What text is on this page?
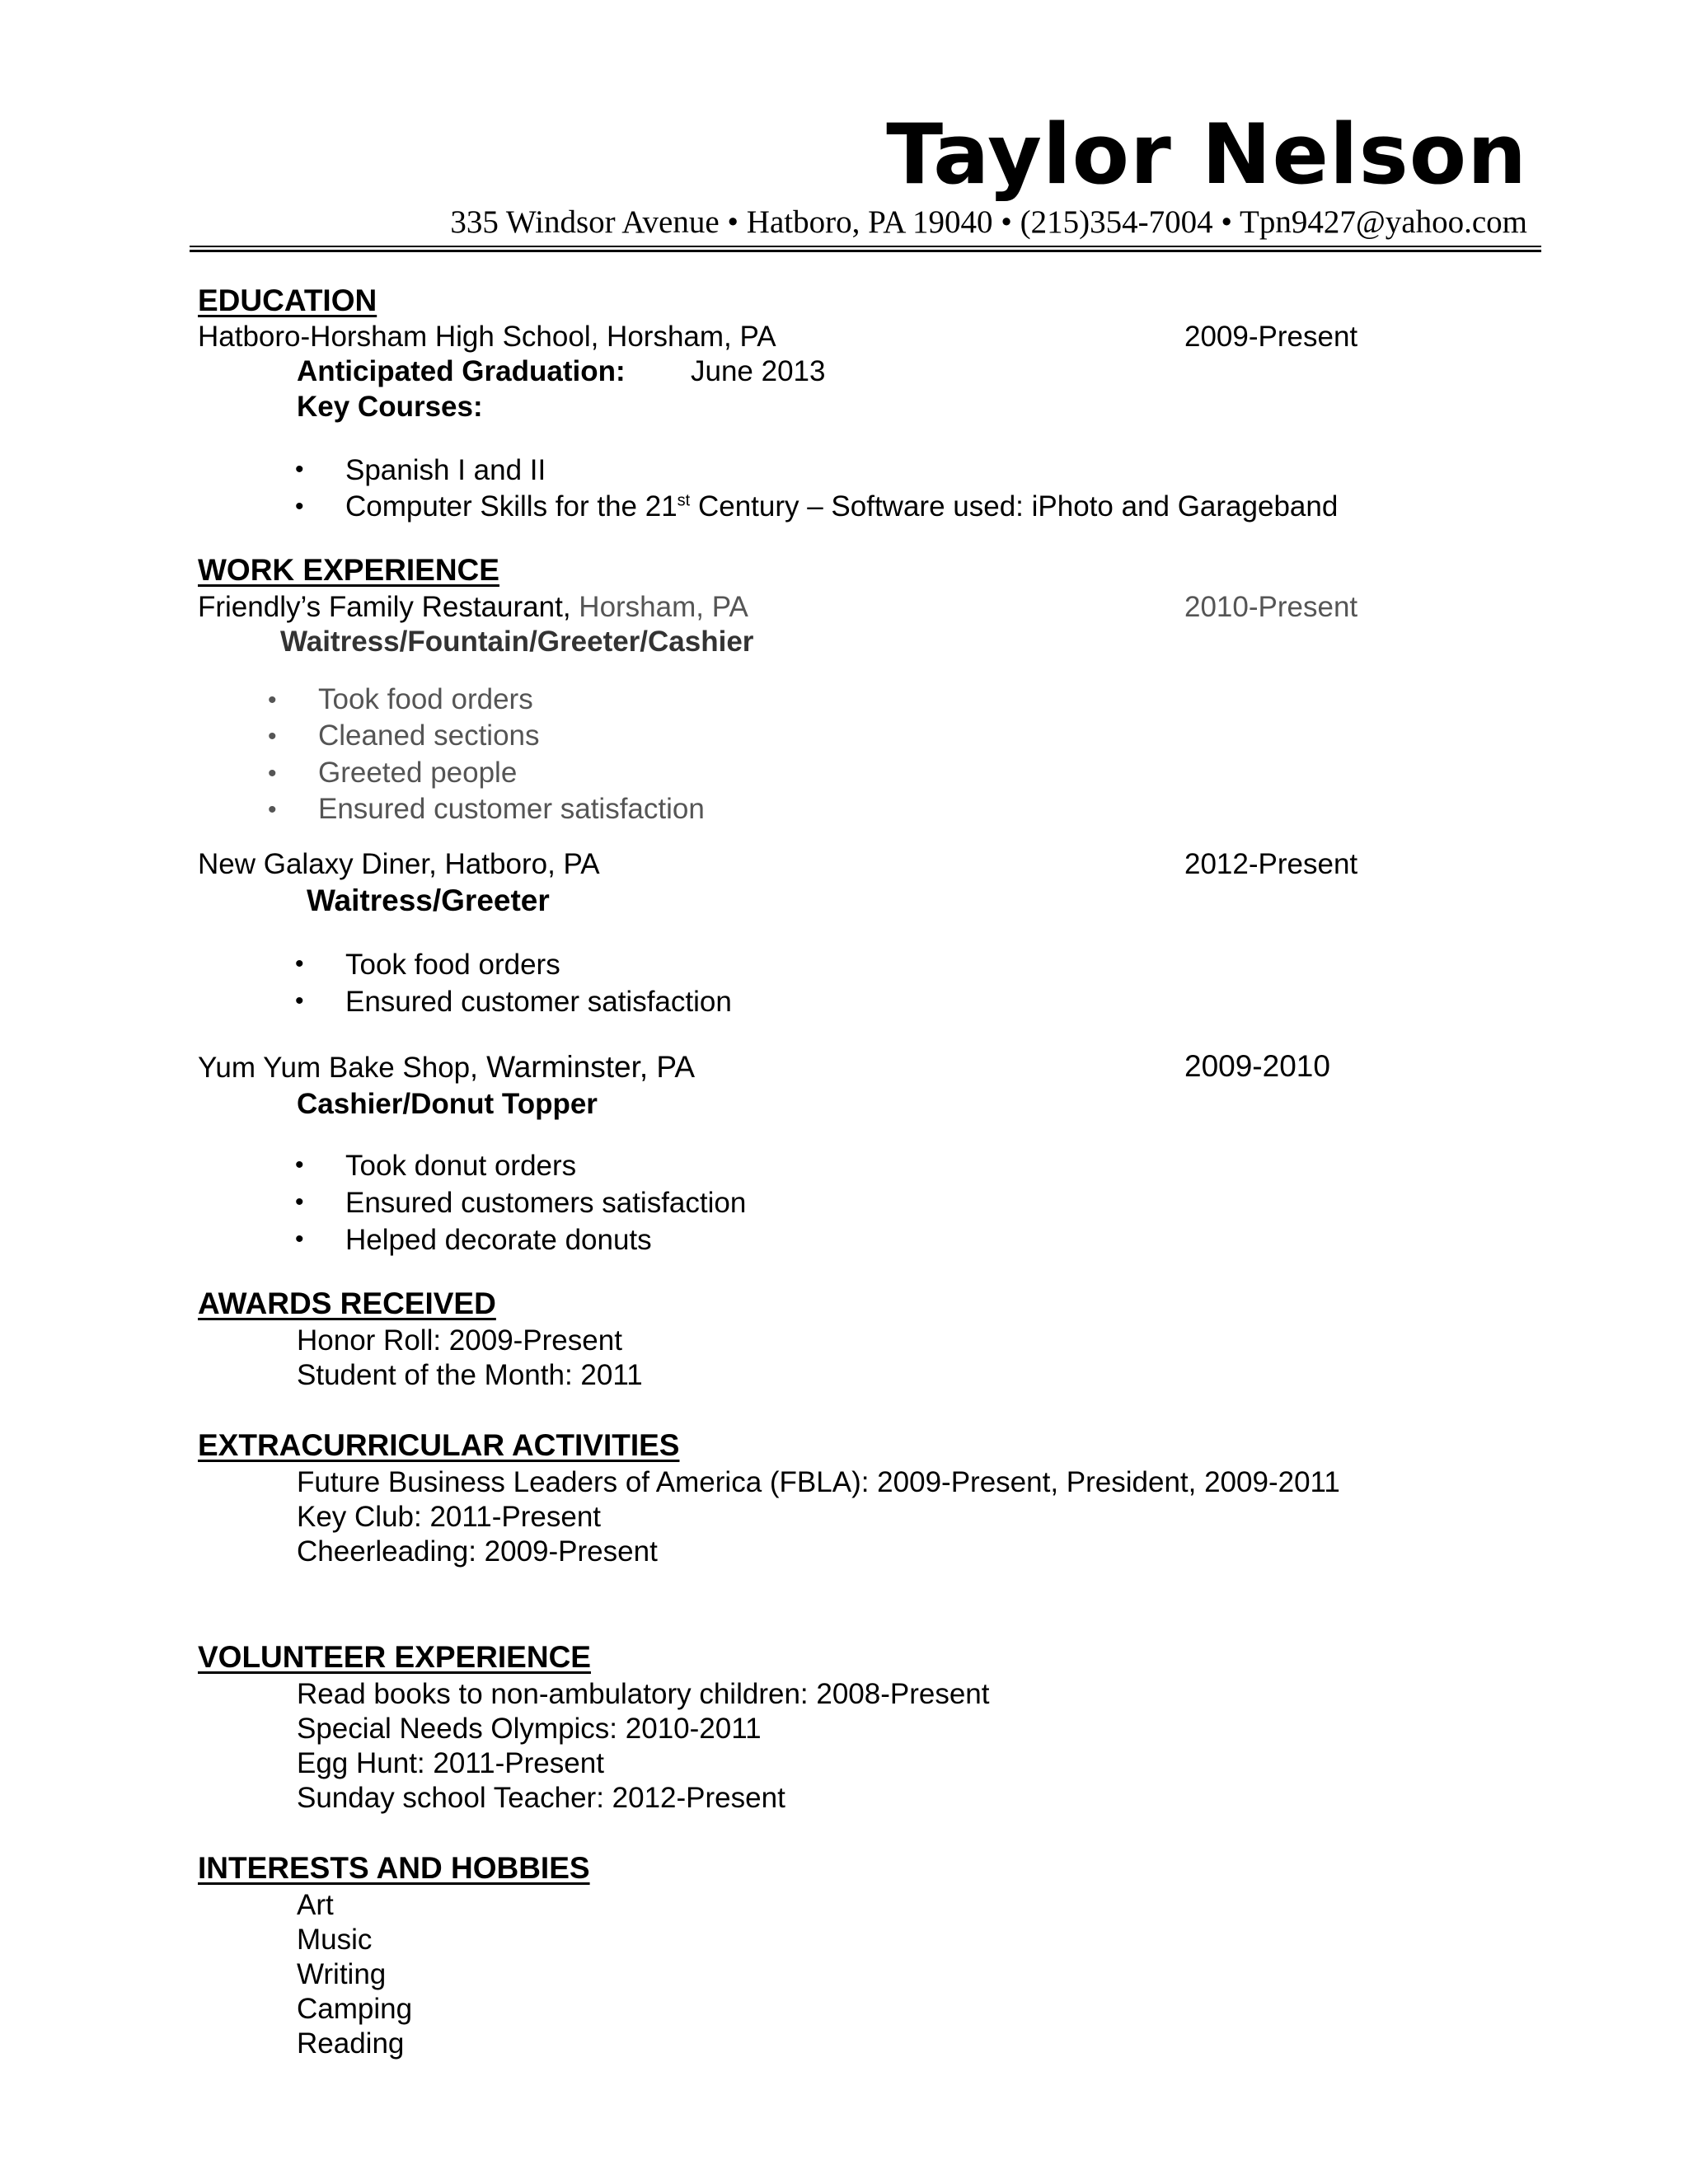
Taylor Nelson
335 Windsor Avenue • Hatboro, PA 19040 • (215)354-7004 • Tpn9427@yahoo.com
EDUCATION
Hatboro-Horsham High School, Horsham, PA	2009-Present
Anticipated Graduation: June 2013
Key Courses:
• Spanish I and II
• Computer Skills for the 21st Century – Software used: iPhoto and Garageband
WORK EXPERIENCE
Friendly’s Family Restaurant, Horsham, PA	2010-Present
Waitress/Fountain/Greeter/Cashier
• Took food orders
• Cleaned sections
• Greeted people
• Ensured customer satisfaction
New Galaxy Diner, Hatboro, PA	2012-Present
Waitress/Greeter
• Took food orders
• Ensured customer satisfaction
Yum Yum Bake Shop, Warminster, PA	2009-2010
Cashier/Donut Topper
• Took donut orders
• Ensured customers satisfaction
• Helped decorate donuts
AWARDS RECEIVED
Honor Roll: 2009-Present
Student of the Month: 2011
EXTRACURRICULAR ACTIVITIES
Future Business Leaders of America (FBLA): 2009-Present, President, 2009-2011
Key Club: 2011-Present
Cheerleading: 2009-Present
VOLUNTEER EXPERIENCE
Read books to non-ambulatory children: 2008-Present
Special Needs Olympics: 2010-2011
Egg Hunt: 2011-Present
Sunday school Teacher: 2012-Present
INTERESTS AND HOBBIES
Art
Music
Writing
Camping
Reading
